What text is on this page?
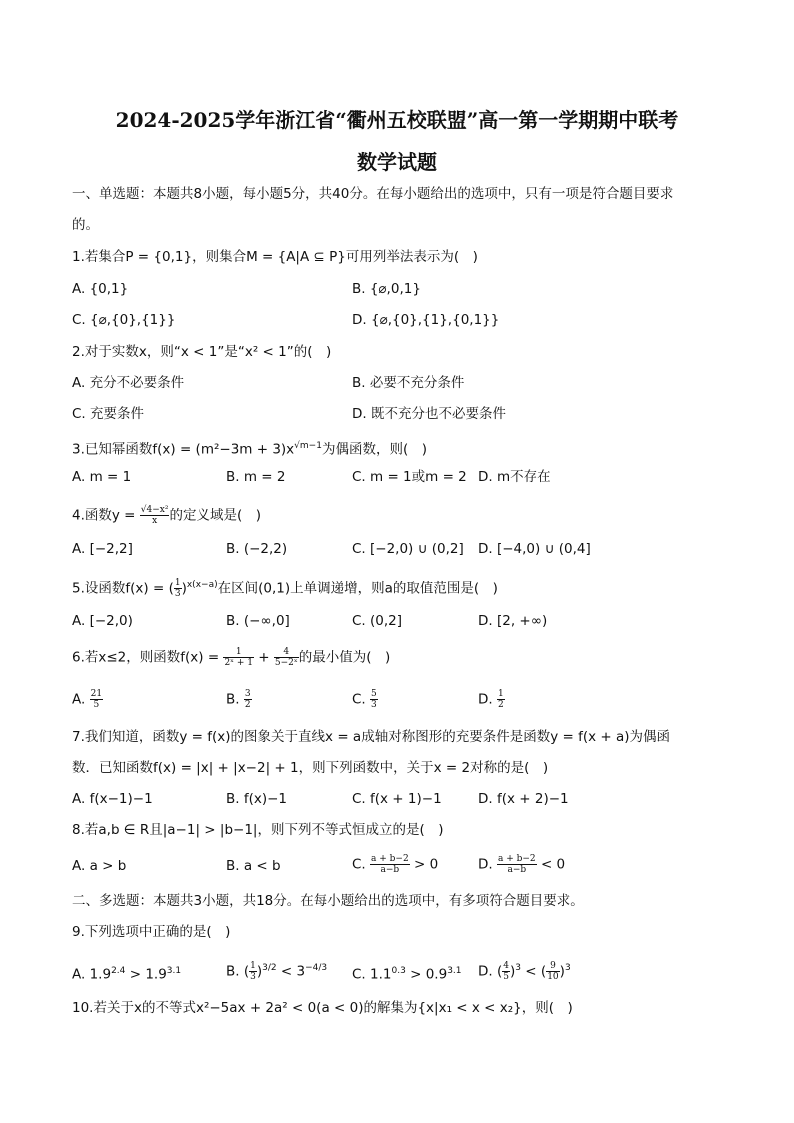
2024-2025学年浙江省“衢州五校联盟”高一第一学期期中联考
数学试题
一、单选题：本题共8小题，每小题5分，共40分。在每小题给出的选项中，只有一项是符合题目要求
的。
1.若集合P = {0,1}，则集合M = {A|A ⊆ P}可用列举法表示为(　)
A. {0,1}	B. {⌀,0,1}
C. {⌀,{0},{1}}	D. {⌀,{0},{1},{0,1}}
2.对于实数x，则“x < 1”是“x² < 1”的(　)
A. 充分不必要条件	B. 必要不充分条件
C. 充要条件	D. 既不充分也不必要条件
3.已知幂函数$f(x) = (m^2-3m + 3)x^{√m-1}$为偶函数，则(　)
A. m = 1	B. m = 2	C. m = 1或m = 2 D. m不存在
4.函数$y = \frac{\text{√4−x²}}{x}$ 的定义域是(　)
A. [−2,2]	B. (−2,2)	C. [−2,0) ∪ (0,2] D. [−4,0) ∪ (0,4]
5.设函数f(x) = ( $\frac{1}{3} )^{x(x-a)}$在区间(0,1)上单调递增，则a的取值范围是(　)
A. [−2,0)	B. (−∞,0]	C. (0,2]	D. [2, +∞)
6.若x≤2，则函数$f(x) = \frac{1}{\text{2ˣ + 1}} + \frac{4}{\text{5−2ˣ}}$ 的最小值为(　)
A. $\frac{21}{5}$	B. $\frac{3}{2}$	C. $\frac{5}{3}$	D. $\frac{1}{2}$
7.我们知道，函数y = f(x)的图象关于直线x = a成轴对称图形的充要条件是函数y = f(x + a)为偶函
数．已知函数f(x) = |x| + |x−2| + 1，则下列函数中，关于x = 2对称的是(　)
A. f(x−1)−1	B. f(x)−1	C. f(x + 1)−1	D. f(x + 2)−1
8.若a,b ∈ R且|a−1| > |b−1|，则下列不等式恒成立的是(　)
A. a > b	B. a < b	C. $\frac{a + b-2}{a-b} > 0$	D. $\frac{a + b-2}{a-b} < 0$
二、多选题：本题共3小题，共18分。在每小题给出的选项中，有多项符合题目要求。
9.下列选项中正确的是(　)
A. $1.9^{2.4} > 1.9^{3.1}$	B. ( $\frac{1}{3} )^{3/2} < 3^{-4/3}$ C. $1.1^{0.3} > 0.9^{3.1}$ D. ( $\frac{4}{5} )^3$ < ( $\frac{9}{10} )^3$
10.若关于x的不等式x²−5ax + 2a² < 0(a < 0)的解集为{x|x₁ < x < x₂}，则(　)
